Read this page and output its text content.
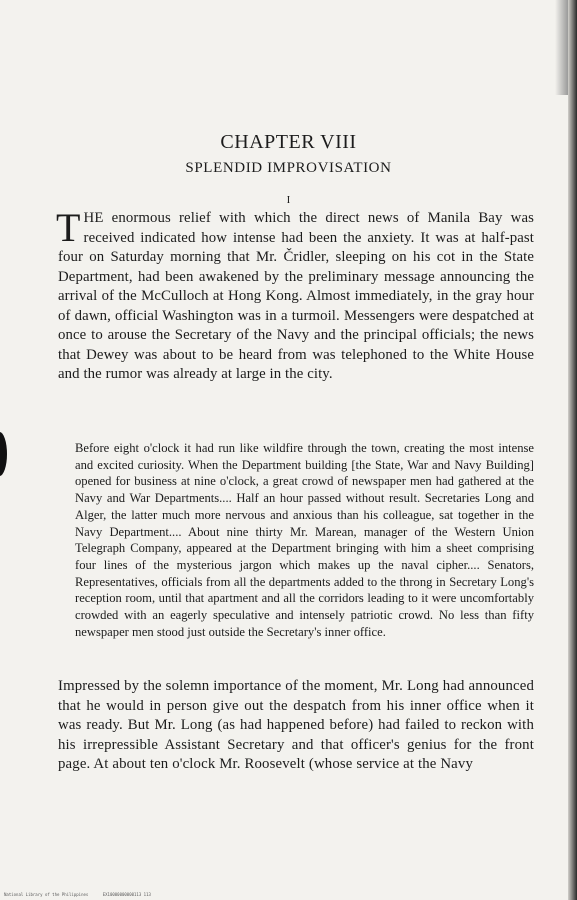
CHAPTER VIII
SPLENDID IMPROVISATION
I

T HE enormous relief with which the direct news of Manila Bay was received indicated how intense had been the anxiety. It was at half-past four on Saturday morning that Mr. Čridler, sleeping on his cot in the State Department, had been awakened by the preliminary message announcing the arrival of the McCulloch at Hong Kong. Almost immediately, in the gray hour of dawn, official Washington was in a turmoil. Messengers were despatched at once to arouse the Secretary of the Navy and the principal officials; the news that Dewey was about to be heard from was telephoned to the White House and the rumor was already at large in the city.

Before eight o'clock it had run like wildfire through the town, creating the most intense and excited curiosity. When the Department building [the State, War and Navy Building] opened for business at nine o'clock, a great crowd of newspaper men had gathered at the Navy and War Departments.... Half an hour passed without result. Secretaries Long and Alger, the latter much more nervous and anxious than his colleague, sat together in the Navy Department.... About nine thirty Mr. Marean, manager of the Western Union Telegraph Company, appeared at the Department bringing with him a sheet comprising four lines of the mysterious jargon which makes up the naval cipher.... Senators, Representatives, officials from all the departments added to the throng in Secretary Long's reception room, until that apartment and all the corridors leading to it were uncomfortably crowded with an eagerly speculative and intensely patriotic crowd. No less than fifty newspaper men stood just outside the Secretary's inner office.

Impressed by the solemn importance of the moment, Mr. Long had announced that he would in person give out the despatch from his inner office when it was ready. But Mr. Long (as had happened before) had failed to reckon with his irrepressible Assistant Secretary and that officer's genius for the front page. At about ten o'clock Mr. Roosevelt (whose service at the Navy

National Library of the Philippines	EX10000000000113 113
